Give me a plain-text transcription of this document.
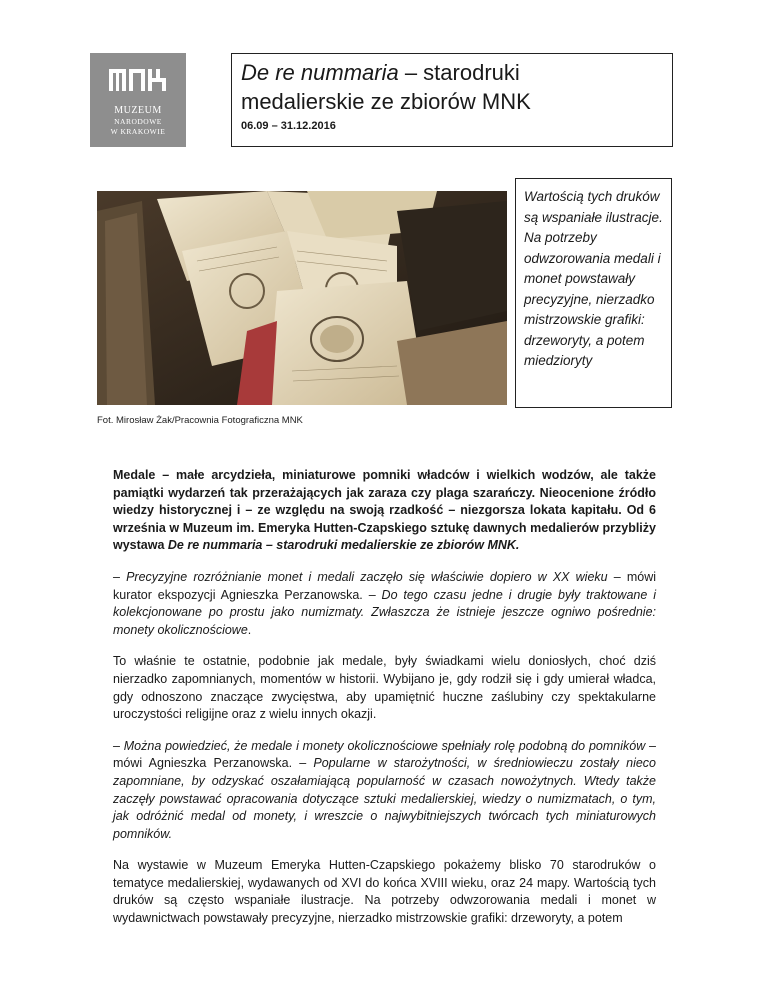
MUZEUM
NARODOWE
W KRAKOWIE
De re nummaria – starodruki
medalierskie ze zbiorów MNK
06.09 – 31.12.2016
Fot. Mirosław Żak/Pracownia Fotograficzna MNK
Wartością tych druków są wspaniałe ilustracje. Na potrzeby odwzorowania medali i monet powstawały precyzyjne, nierzadko mistrzowskie grafiki: drzeworyty, a potem miedzioryty

Medale – małe arcydzieła, miniaturowe pomniki władców i wielkich wodzów, ale także pamiątki wydarzeń tak przerażających jak zaraza czy plaga szarańczy. Nieocenione źródło wiedzy historycznej i – ze względu na swoją rzadkość – niezgorsza lokata kapitału. Od 6 września w Muzeum im. Emeryka Hutten-Czapskiego sztukę dawnych medalierów przybliży wystawa De re nummaria – starodruki medalierskie ze zbiorów MNK.

– Precyzyjne rozróżnianie monet i medali zaczęło się właściwie dopiero w XX wieku – mówi kurator ekspozycji Agnieszka Perzanowska. – Do tego czasu jedne i drugie były traktowane i kolekcjonowane po prostu jako numizmaty. Zwłaszcza że istnieje jeszcze ogniwo pośrednie: monety okolicznościowe.

To właśnie te ostatnie, podobnie jak medale, były świadkami wielu doniosłych, choć dziś nierzadko zapomnianych, momentów w historii. Wybijano je, gdy rodził się i gdy umierał władca, gdy odnoszono znaczące zwycięstwa, aby upamiętnić huczne zaślubiny czy spektakularne uroczystości religijne oraz z wielu innych okazji.

– Można powiedzieć, że medale i monety okolicznościowe spełniały rolę podobną do pomników – mówi Agnieszka Perzanowska. – Popularne w starożytności, w średniowieczu zostały nieco zapomniane, by odzyskać oszałamiającą popularność w czasach nowożytnych. Wtedy także zaczęły powstawać opracowania dotyczące sztuki medalierskiej, wiedzy o numizmatach, o tym, jak odróżnić medal od monety, i wreszcie o najwybitniejszych twórcach tych miniaturowych pomników.

Na wystawie w Muzeum Emeryka Hutten-Czapskiego pokażemy blisko 70 starodruków o tematyce medalierskiej, wydawanych od XVI do końca XVIII wieku, oraz 24 mapy. Wartością tych druków są często wspaniałe ilustracje. Na potrzeby odwzorowania medali i monet w wydawnictwach powstawały precyzyjne, nierzadko mistrzowskie grafiki: drzeworyty, a potem
